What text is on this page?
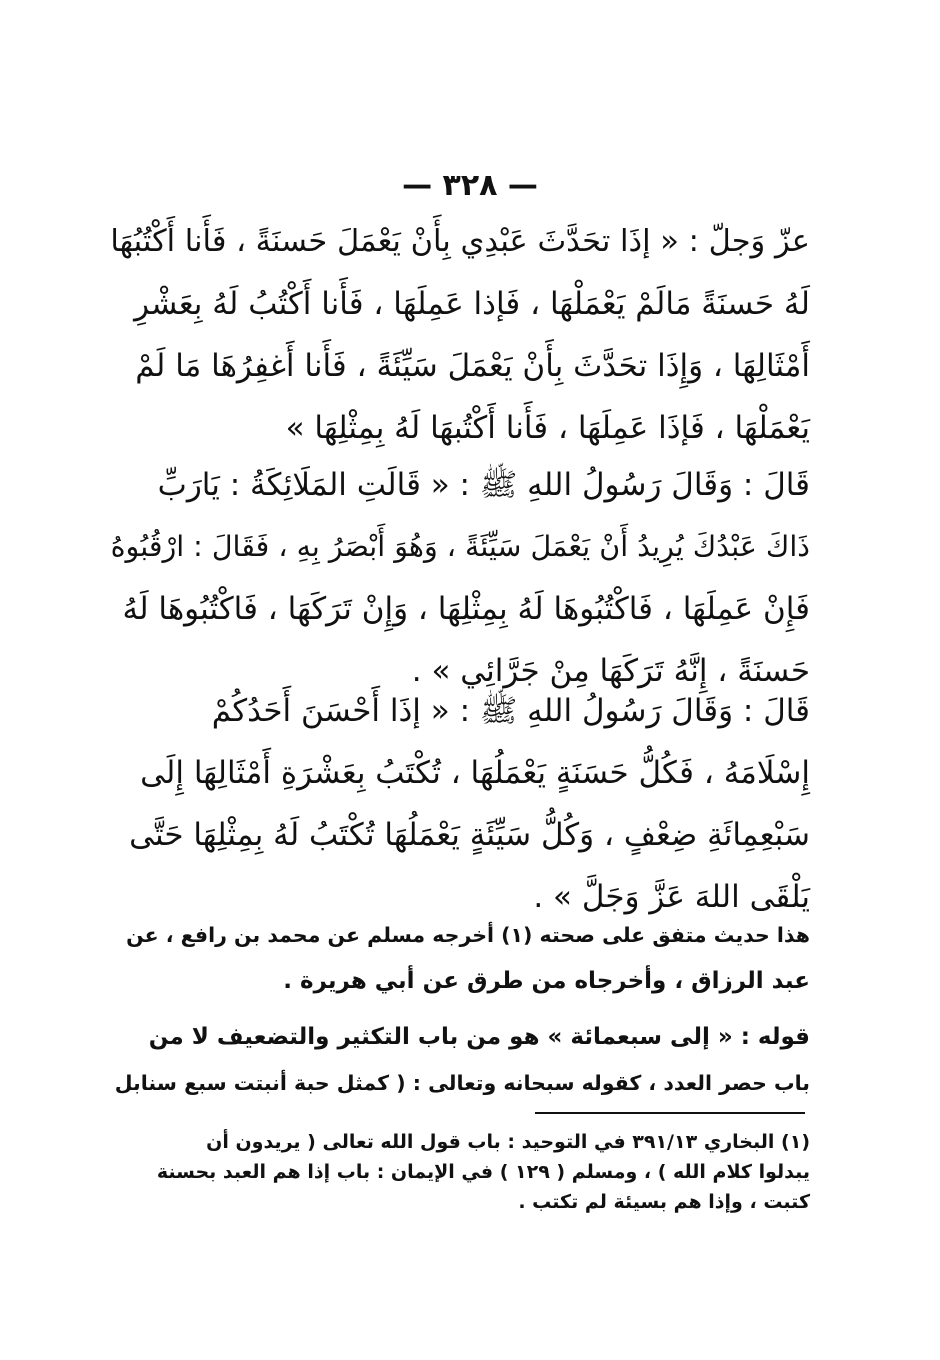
— ٣٢٨ —
عزّ وَجلّ : « إذَا تحَدَّثَ عَبْدِي بِأَنْ يَعْمَلَ حَسنَةً ، فَأَنا أَكْتُبُهَا
لَهُ حَسنَةً مَالَمْ يَعْمَلْهَا ، فَإذا عَمِلَهَا ، فَأَنا أَكْتُبُ لَهُ بِعَشْرِ
أَمْثَالِهَا ، وَإِذَا تحَدَّثَ بِأَنْ يَعْمَلَ سَيِّئَةً ، فَأَنا أَغفِرُهَا مَا لَمْ
يَعْمَلْهَا ، فَإذَا عَمِلَهَا ، فَأَنا أَكْتُبهَا لَهُ بِمِثْلِهَا »
قَالَ : وَقَالَ رَسُولُ اللهِ ﷺ : « قَالَتِ المَلَائِكَةُ : يَارَبِّ
ذَاكَ عَبْدُكَ يُرِيدُ أَنْ يَعْمَلَ سَيِّئَةً ، وَهُوَ أَبْصَرُ بِهِ ، فَقَالَ : ارْقُبُوهُ
فَإِنْ عَمِلَهَا ، فَاكْتُبُوهَا لَهُ بِمِثْلِهَا ، وَإِنْ تَرَكَهَا ، فَاكْتُبُوهَا لَهُ
حَسنَةً ، إِنَّهُ تَرَكَهَا مِنْ جَرَّائِي » .
قَالَ : وَقَالَ رَسُولُ اللهِ ﷺ : « إذَا أَحْسَنَ أَحَدُكُمْ
إِسْلَامَهُ ، فَكُلُّ حَسَنَةٍ يَعْمَلُهَا ، تُكْتَبُ بِعَشْرَةِ أَمْثَالِهَا إِلَى
سَبْعِمِائَةِ ضِعْفٍ ، وَكُلُّ سَيِّئَةٍ يَعْمَلُهَا تُكْتَبُ لَهُ بِمِثْلِهَا حَتَّى
يَلْقَى اللهَ عَزَّ وَجَلَّ » .
هذا حديث متفق على صحته (١) أخرجه مسلم عن محمد بن رافع ، عن
عبد الرزاق ، وأخرجاه من طرق عن أبي هريرة .
قوله : « إلى سبعمائة » هو من باب التكثير والتضعيف لا من
باب حصر العدد ، كقوله سبحانه وتعالى : ( كمثل حبة أنبتت سبع سنابل
(١) البخاري ٣٩١/١٣ في التوحيد : باب قول الله تعالى ( يريدون أن
يبدلوا كلام الله ) ، ومسلم ( ١٢٩ ) في الإيمان : باب إذا هم العبد بحسنة
كتبت ، وإذا هم بسيئة لم تكتب .
